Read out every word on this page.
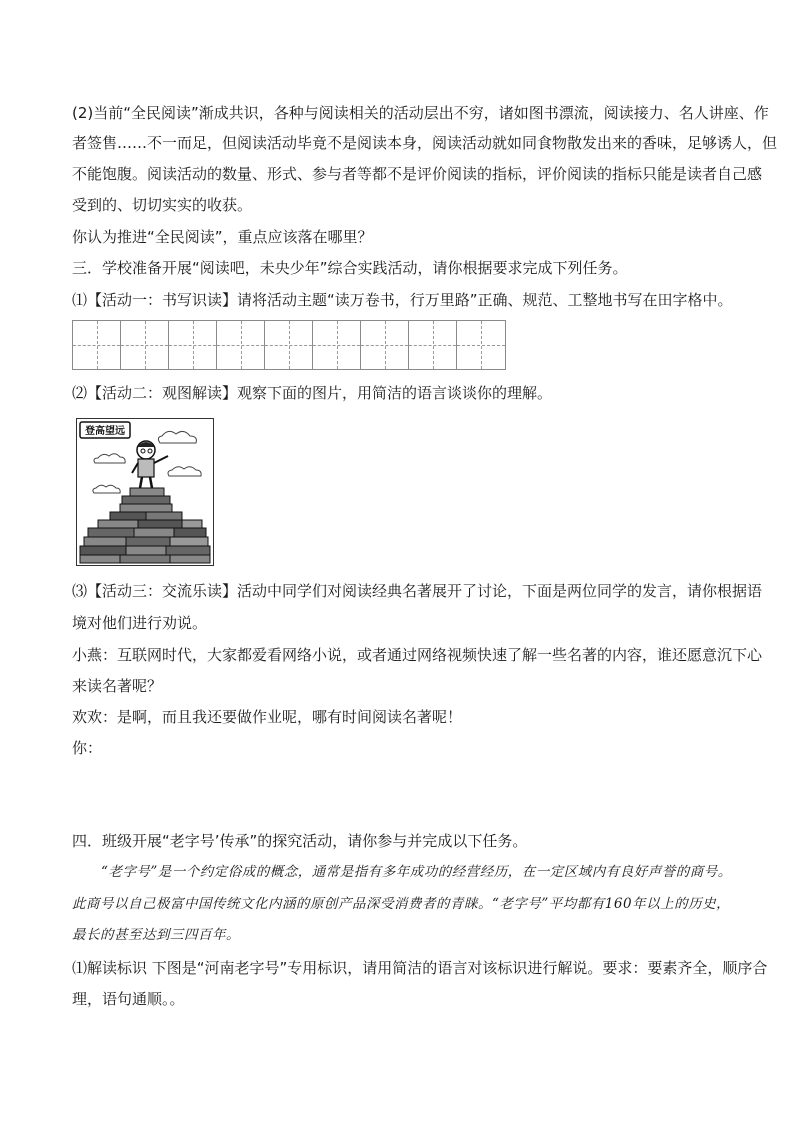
(2)当前“全民阅读”渐成共识，各种与阅读相关的活动层出不穷，诸如图书漂流，阅读接力、名人讲座、作
者签售……不一而足，但阅读活动毕竟不是阅读本身，阅读活动就如同食物散发出来的香味，足够诱人，但
不能饱腹。阅读活动的数量、形式、参与者等都不是评价阅读的指标，评价阅读的指标只能是读者自己感
受到的、切切实实的收获。
你认为推进“全民阅读”，重点应该落在哪里？
三．学校准备开展“阅读吧，未央少年”综合实践活动，请你根据要求完成下列任务。
⑴【活动一：书写识读】请将活动主题“读万卷书，行万里路”正确、规范、工整地书写在田字格中。
⑵【活动二：观图解读】观察下面的图片，用简洁的语言谈谈你的理解。
登高望远
⑶【活动三：交流乐读】活动中同学们对阅读经典名著展开了讨论，下面是两位同学的发言，请你根据语
境对他们进行劝说。
小燕：互联网时代，大家都爱看网络小说，或者通过网络视频快速了解一些名著的内容，谁还愿意沉下心
来读名著呢？
欢欢：是啊，而且我还要做作业呢，哪有时间阅读名著呢！
你：
四．班级开展“老字号’传承”的探究活动，请你参与并完成以下任务。
“老字号”是一个约定俗成的概念，通常是指有多年成功的经营经历，在一定区域内有良好声誉的商号。
此商号以自己极富中国传统文化内涵的原创产品深受消费者的青睐。“老字号”平均都有160年以上的历史，
最长的甚至达到三四百年。
⑴解读标识 下图是“河南老字号”专用标识，请用简洁的语言对该标识进行解说。要求：要素齐全，顺序合
理，语句通顺。。
